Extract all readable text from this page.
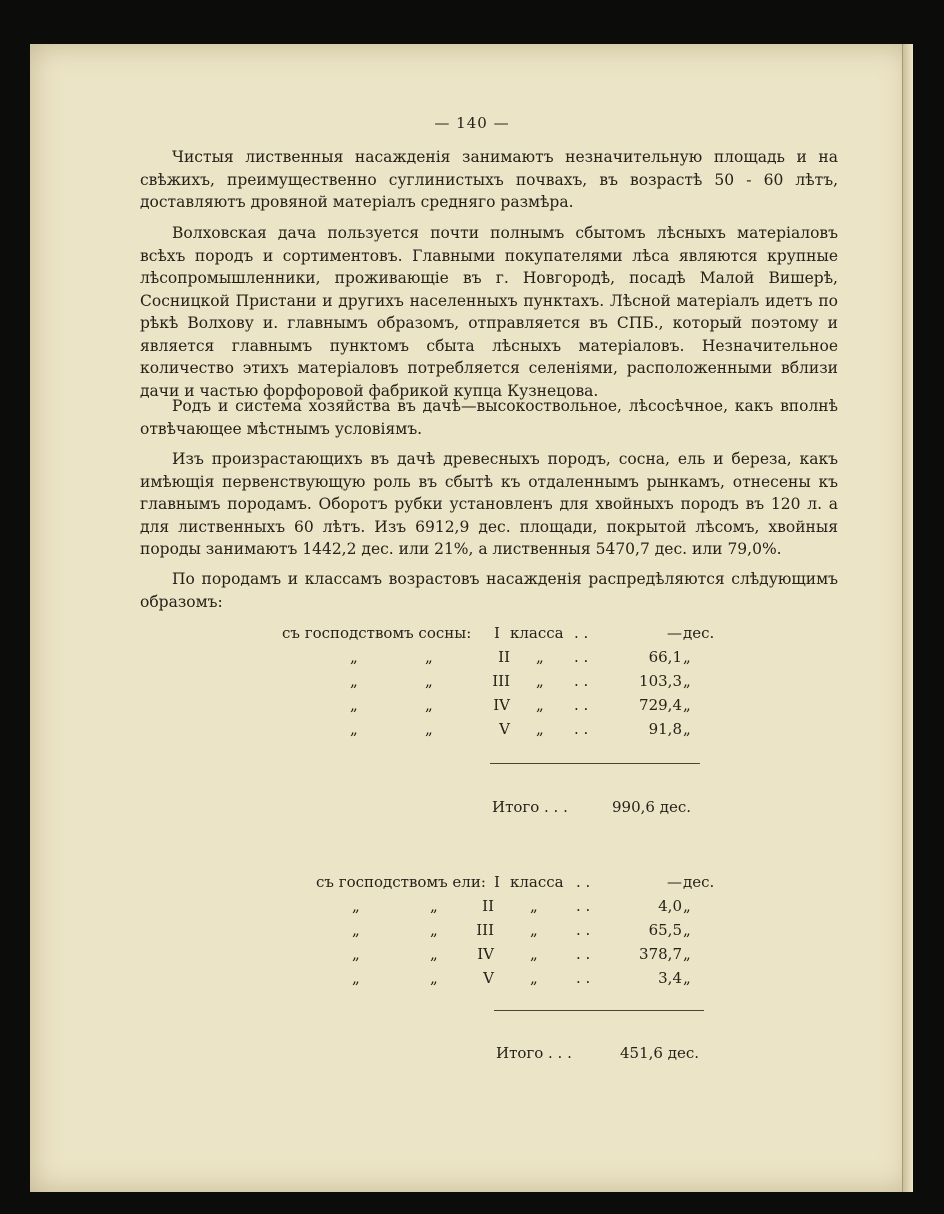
— 140 —

Чистыя лиственныя насажденія занимаютъ незначительную площадь и на свѣжихъ, преимущественно суглинистыхъ почвахъ, въ возрастѣ 50 - 60 лѣтъ, доставляютъ дровяной матеріалъ средняго размѣра.

Волховская дача пользуется почти полнымъ сбытомъ лѣсныхъ матеріаловъ всѣхъ породъ и сортиментовъ. Главными покупателями лѣса являются крупные лѣсопромышленники, проживающіе въ г. Новгородѣ, посадѣ Малой Вишерѣ, Сосницкой Пристани и другихъ населенныхъ пунктахъ. Лѣсной матеріалъ идетъ по рѣкѣ Волхову и. главнымъ образомъ, отправляется въ СПБ., который поэтому и является главнымъ пунктомъ сбыта лѣсныхъ матеріаловъ. Незначительное количество этихъ матеріаловъ потребляется селеніями, расположенными вблизи дачи и частью форфоровой фабрикой купца Кузнецова.

Родъ и система хозяйства въ дачѣ—высокоствольное, лѣсосѣчное, какъ вполнѣ отвѣчающее мѣстнымъ условіямъ.

Изъ произрастающихъ въ дачѣ древесныхъ породъ, сосна, ель и береза, какъ имѣющія первенствующую роль въ сбытѣ къ отдаленнымъ рынкамъ, отнесены къ главнымъ породамъ. Оборотъ рубки установленъ для хвойныхъ породъ въ 120 л. а для лиственныхъ 60 лѣтъ. Изъ 6912,9 дес. площади, покрытой лѣсомъ, хвойныя породы занимаютъ 1442,2 дес. или 21%, а лиственныя 5470,7 дес. или 79,0%.

По породамъ и классамъ возрастовъ насажденія распредѣляются слѣдующимъ образомъ:

съ господствомъ сосны: I класса . .	— дес.
„	„	II „ . .	66,1 „
„	„	III „ . .	103,3 „
„	„	IV „ . .	729,4 „
„	„	V „ . .	91,8 „
Итого . . .	990,6 дес.
съ господствомъ ели: I класса . .	— дес.
„	„	II „	. .	4,0 „
„	„	III „	. .	65,5 „
„	„	IV „	. .	378,7 „
„	„	V „	. .	3,4 „
Итого . . .	451,6 дес.
